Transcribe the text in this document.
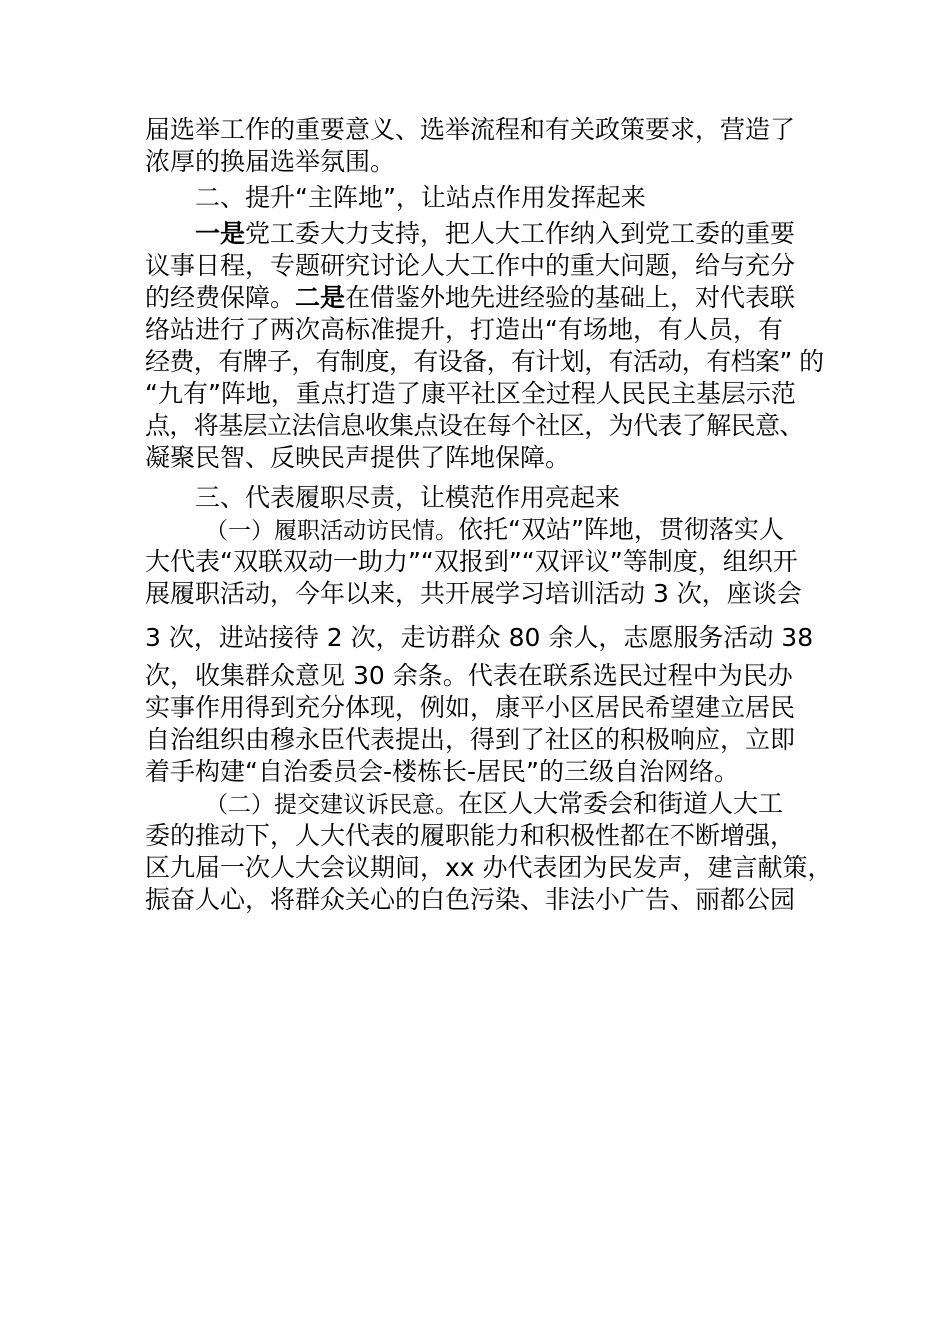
届选举工作的重要意义、选举流程和有关政策要求，营造了
浓厚的换届选举氛围。
二、提升“主阵地”，让站点作用发挥起来
一是党工委大力支持，把人大工作纳入到党工委的重要
议事日程，专题研究讨论人大工作中的重大问题，给与充分
的经费保障。二是在借鉴外地先进经验的基础上，对代表联
络站进行了两次高标准提升，打造出“有场地，有人员，有
经费，有牌子，有制度，有设备，有计划，有活动，有档案” 的
“九有”阵地，重点打造了康平社区全过程人民民主基层示范
点，将基层立法信息收集点设在每个社区，为代表了解民意、
凝聚民智、反映民声提供了阵地保障。
三、代表履职尽责，让模范作用亮起来
（一）履职活动访民情。依托“双站”阵地，贯彻落实人
大代表“双联双动一助力”“双报到”“双评议”等制度，组织开
展履职活动，今年以来，共开展学习培训活动 3 次，座谈会
3 次，进站接待 2 次，走访群众 80 余人，志愿服务活动 38
次，收集群众意见 30 余条。代表在联系选民过程中为民办
实事作用得到充分体现，例如，康平小区居民希望建立居民
自治组织由穆永臣代表提出，得到了社区的积极响应，立即
着手构建“自治委员会-楼栋长-居民”的三级自治网络。
（二）提交建议诉民意。在区人大常委会和街道人大工
委的推动下，人大代表的履职能力和积极性都在不断增强，
区九届一次人大会议期间，xx 办代表团为民发声，建言献策，
振奋人心，将群众关心的白色污染、非法小广告、丽都公园
